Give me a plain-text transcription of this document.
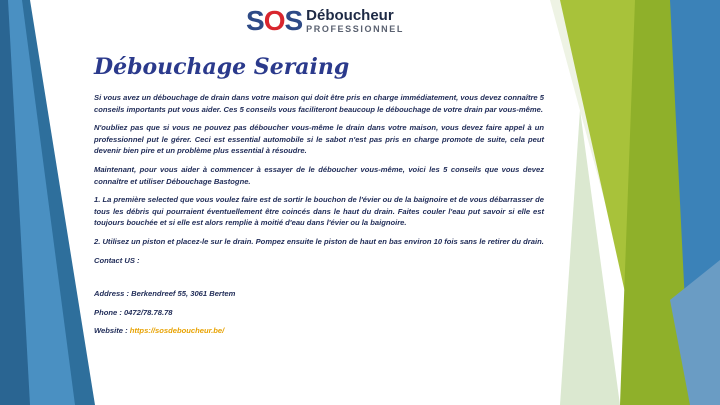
SOS Déboucheur
PROFESSIONNEL
Débouchage Seraing

Si vous avez un débouchage de drain dans votre maison qui doit être pris en charge immédiatement, vous devez connaître 5 conseils importants put vous aider. Ces 5 conseils vous faciliteront beaucoup le débouchage de votre drain par vous-même.

N'oubliez pas que si vous ne pouvez pas déboucher vous-même le drain dans votre maison, vous devez faire appel à un professionnel put le gérer. Ceci est essential automobile si le sabot n'est pas pris en charge promote de suite, cela peut devenir bien pire et un problème plus essential à résoudre.

Maintenant, pour vous aider à commencer à essayer de le déboucher vous-même, voici les 5 conseils que vous devez connaître et utiliser Débouchage Bastogne.

1. La première selected que vous voulez faire est de sortir le bouchon de l'évier ou de la baignoire et de vous débarrasser de tous les débris qui pourraient éventuellement être coincés dans le haut du drain. Faites couler l'eau put savoir si elle est toujours bouchée et si elle est alors remplie à moitié d'eau dans l'évier ou la baignoire.

2. Utilisez un piston et placez-le sur le drain. Pompez ensuite le piston de haut en bas environ 10 fois sans le retirer du drain.

Contact US :

Address : Berkendreef 55, 3061 Bertem

Phone : 0472/78.78.78

Website : https://sosdeboucheur.be/
